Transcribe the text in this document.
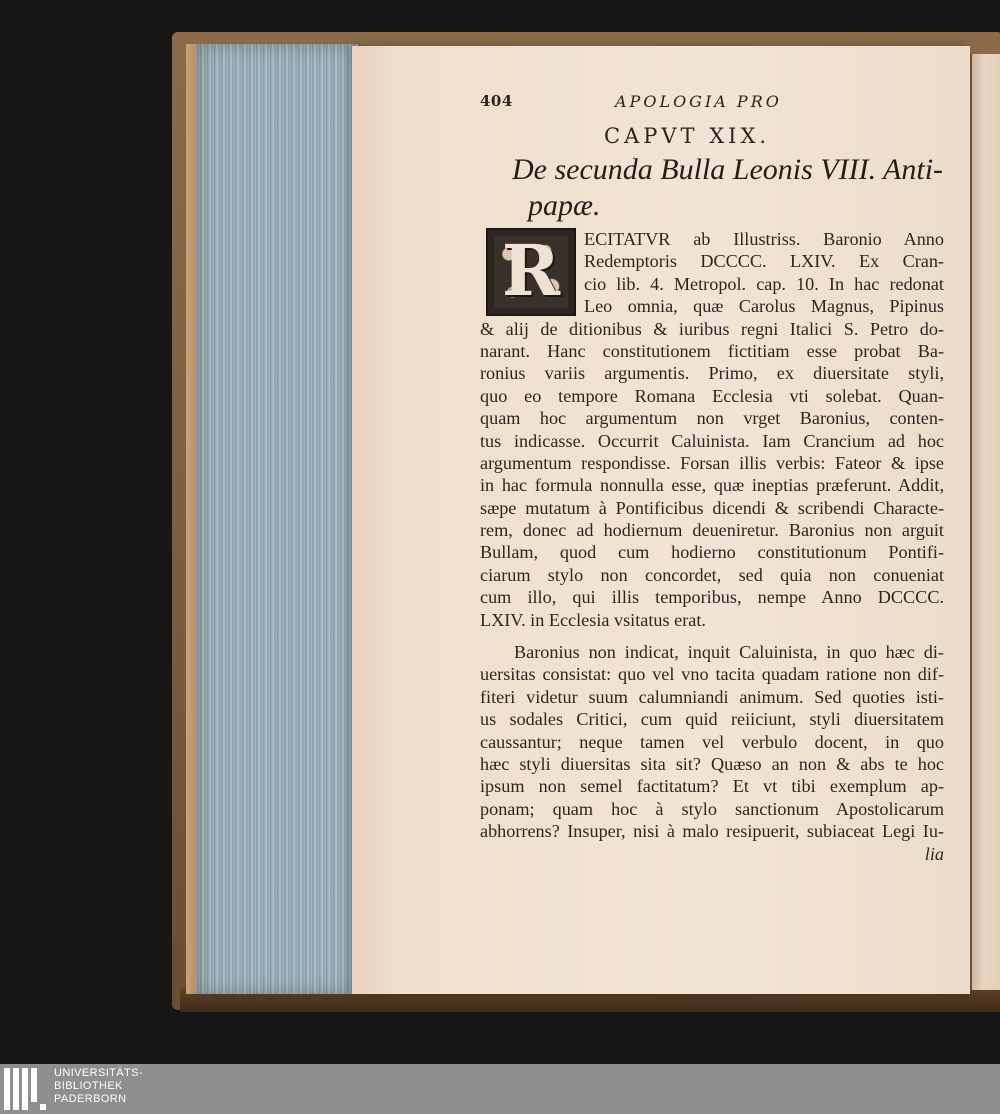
404	APOLOGIA PRO
CAPVT XIX.
De secunda Bulla Leonis VIII. Anti-
papæ.
R	ECITATVR ab Illustriss. Baronio Anno
Redemptoris DCCCC. LXIV. Ex Cran-
cio lib. 4. Metropol. cap. 10. In hac redonat
Leo omnia, quæ Carolus Magnus, Pipinus
& alij de ditionibus & iuribus regni Italici S. Petro do-
narant. Hanc constitutionem fictitiam esse probat Ba-
ronius variis argumentis. Primo, ex diuersitate styli,
quo eo tempore Romana Ecclesia vti solebat. Quan-
quam hoc argumentum non vrget Baronius, conten-
tus indicasse. Occurrit Caluinista. Iam Crancium ad hoc
argumentum respondisse. Forsan illis verbis: Fateor & ipse
in hac formula nonnulla esse, quæ ineptias præferunt. Addit,
sæpe mutatum à Pontificibus dicendi & scribendi Characte-
rem, donec ad hodiernum deueniretur. Baronius non arguit
Bullam, quod cum hodierno constitutionum Pontifi-
ciarum stylo non concordet, sed quia non conueniat
cum illo, qui illis temporibus, nempe Anno DCCCC.
LXIV. in Ecclesia vsitatus erat.
Baronius non indicat, inquit Caluinista, in quo hæc di-
uersitas consistat: quo vel vno tacita quadam ratione non dif-
fiteri videtur suum calumniandi animum. Sed quoties isti-
us sodales Critici, cum quid reiiciunt, styli diuersitatem
caussantur; neque tamen vel verbulo docent, in quo
hæc styli diuersitas sita sit? Quæso an non & abs te hoc
ipsum non semel factitatum? Et vt tibi exemplum ap-
ponam; quam hoc à stylo sanctionum Apostolicarum
abhorrens? Insuper, nisi à malo resipuerit, subiaceat Legi Iu-
lia
UNIVERSITÄTS-
BIBLIOTHEK
PADERBORN
